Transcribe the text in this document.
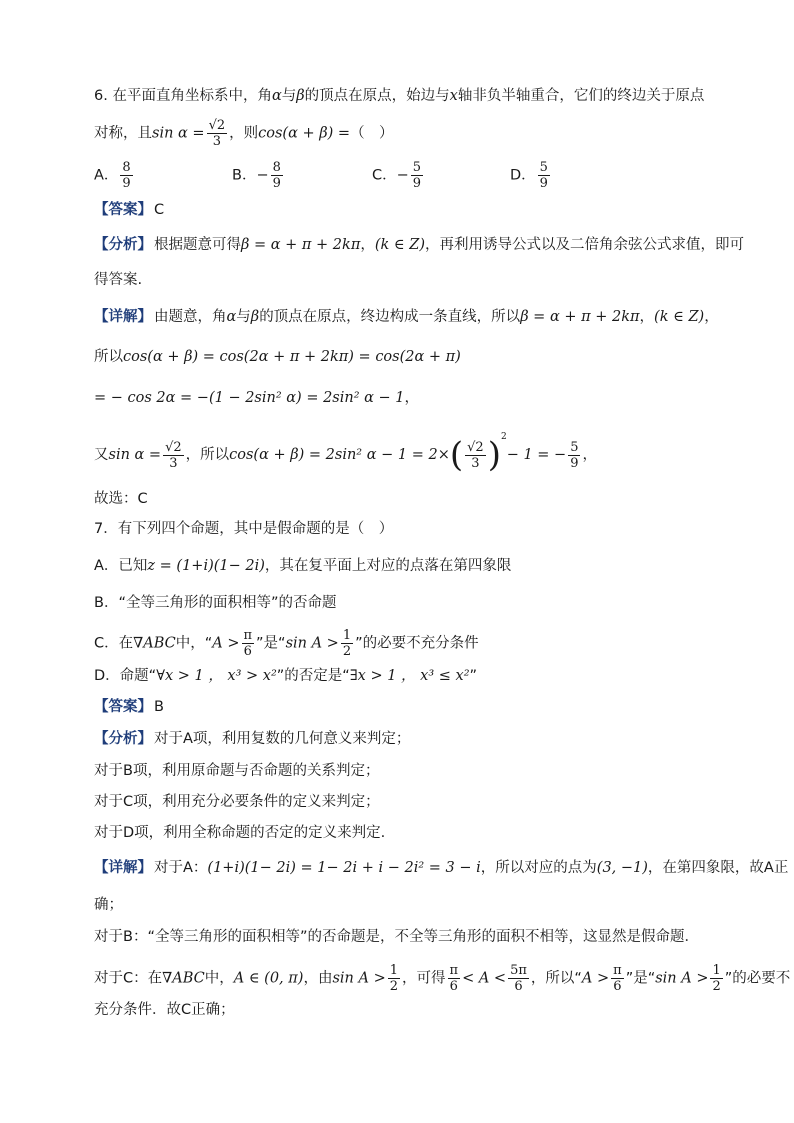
6. 在平面直角坐标系中，角α与β的顶点在原点，始边与x轴非负半轴重合，它们的终边关于原点
对称，且$\sin \alpha = \frac{√2}{3}$ ，则cos(α + β) =（　）
A． $\frac{8}{9}$	B．− $\frac{8}{9}$	C．− $\frac{5}{9}$	D． $\frac{5}{9}$
【答案】 C
【分析】 根据题意可得β = α + π + 2kπ，(k ∈ Z)，再利用诱导公式以及二倍角余弦公式求值，即可
得答案.
【详解】 由题意，角α与β的顶点在原点，终边构成一条直线，所以β = α + π + 2kπ，(k ∈ Z)，
所以cos(α + β) = cos(2α + π + 2kπ) = cos(2α + π)
= − cos 2α = −(1 − 2sin² α) = 2sin² α − 1，
又$\sin \alpha = \frac{√2}{3}$ ，所以cos(α + β) = 2sin² $\alpha - 1 = 2\times( \frac{√2}{3} )^2- 1$ = − $\frac{5}{9}$ ，
故选：C
7．有下列四个命题，其中是假命题的是（　）
A．已知z = (1+i)(1− 2i)，其在复平面上对应的点落在第四象限
B．“全等三角形的面积相等”的否命题
C．在∇ABC中，“$A > \frac{\pi}{6}$ ”是“sin $A > \frac{1}{2}$ ”的必要不充分条件
D．命题“∀x > 1 ， x³ > x²”的否定是“∃x > 1 ， x³ ≤ x²”
【答案】 B
【分析】 对于A项，利用复数的几何意义来判定；
对于B项，利用原命题与否命题的关系判定；
对于C项，利用充分必要条件的定义来判定；
对于D项，利用全称命题的否定的定义来判定.
【详解】 对于A：(1+i)(1− 2i) = 1− 2i + i − 2i² = 3 − i，所以对应的点为(3, −1)，在第四象限，故A正
确；
对于B：“全等三角形的面积相等”的否命题是，不全等三角形的面积不相等，这显然是假命题．
对于C：在∇ABC中，A ∈ (0, π)，由$\sin A > \frac{1}{2}$ ，可得 $\frac{\pi}{6} < A < \frac{5\pi}{6}$ ，所以“$A > \frac{\pi}{6}$ ”是“sin $A > \frac{1}{2}$ ”的必要不
充分条件．故C正确；
